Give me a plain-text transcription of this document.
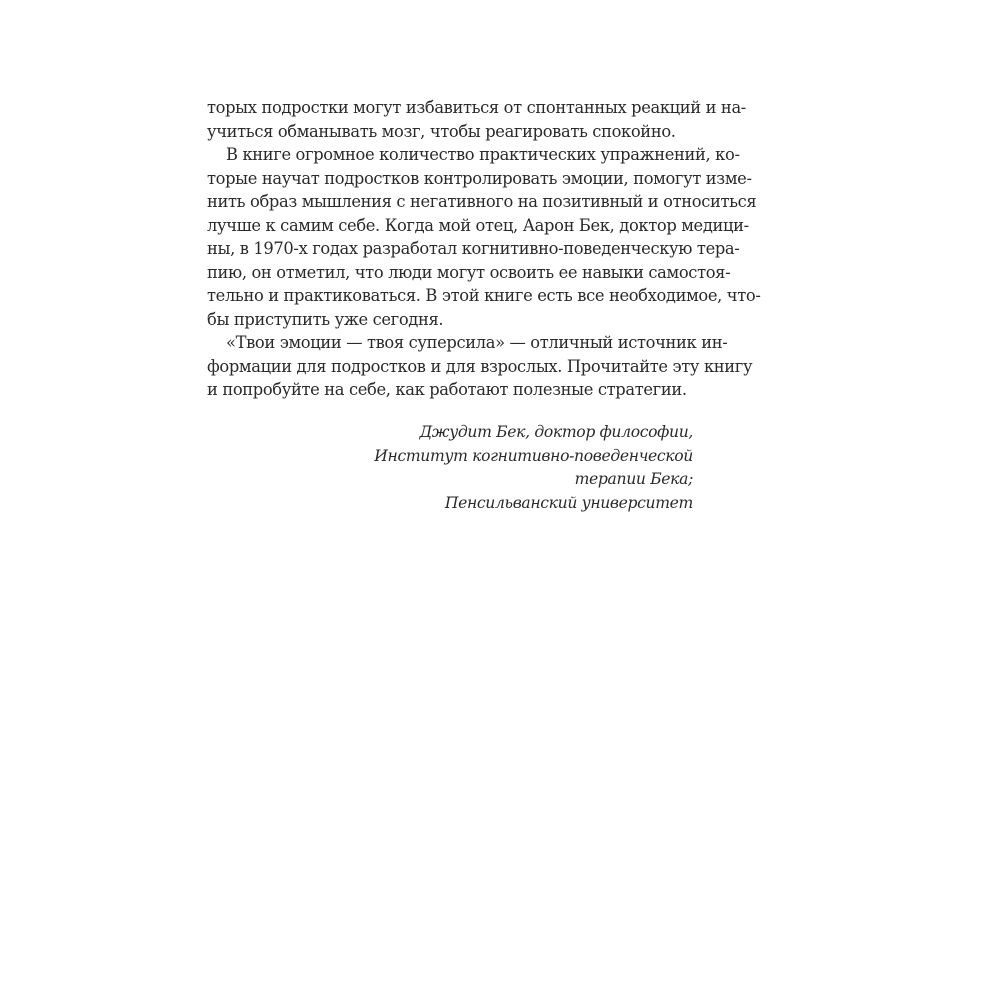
торых подростки могут избавиться от спонтанных реакций и на-
учиться обманывать мозг, чтобы реагировать спокойно.
В книге огромное количество практических упражнений, ко-
торые научат подростков контролировать эмоции, помогут изме-
нить образ мышления с негативного на позитивный и относиться
лучше к самим себе. Когда мой отец, Аарон Бек, доктор медици-
ны, в 1970-х годах разработал когнитивно-поведенческую тера-
пию, он отметил, что люди могут освоить ее навыки самостоя-
тельно и практиковаться. В этой книге есть все необходимое, что-
бы приступить уже сегодня.
«Твои эмоции — твоя суперсила» — отличный источник ин-
формации для подростков и для взрослых. Прочитайте эту книгу
и попробуйте на себе, как работают полезные стратегии.
Джудит Бек, доктор философии,
Институт когнитивно-поведенческой
терапии Бека;
Пенсильванский университет
